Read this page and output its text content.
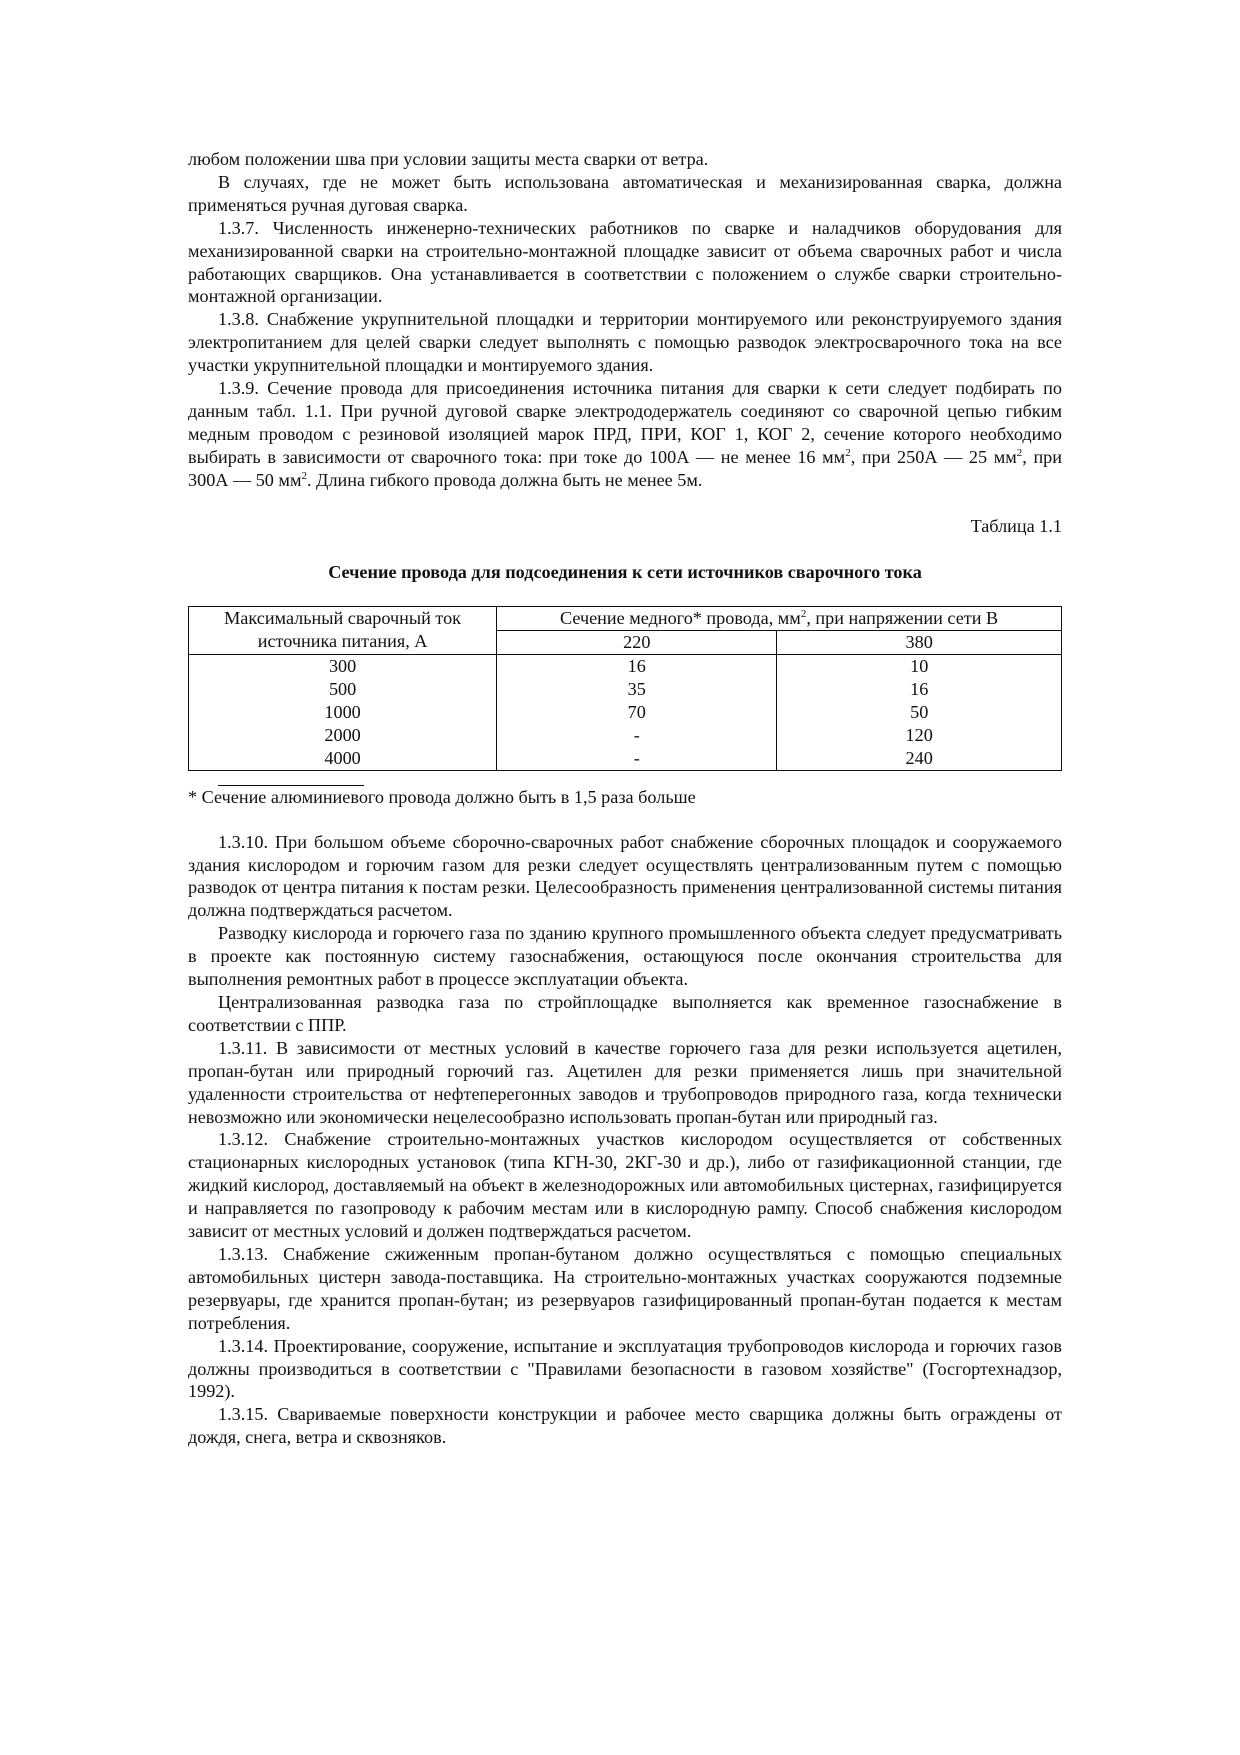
любом положении шва при условии защиты места сварки от ветра.

В случаях, где не может быть использована автоматическая и механизированная сварка, должна применяться ручная дуговая сварка.

1.3.7. Численность инженерно-технических работников по сварке и наладчиков оборудования для механизированной сварки на строительно-монтажной площадке зависит от объема сварочных работ и числа работающих сварщиков. Она устанавливается в соответствии с положением о службе сварки строительно-монтажной организации.

1.3.8. Снабжение укрупнительной площадки и территории монтируемого или реконструируемого здания электропитанием для целей сварки следует выполнять с помощью разводок электросварочного тока на все участки укрупнительной площадки и монтируемого здания.

1.3.9. Сечение провода для присоединения источника питания для сварки к сети следует подбирать по данным табл. 1.1. При ручной дуговой сварке электрододержатель соединяют со сварочной цепью гибким медным проводом с резиновой изоляцией марок ПРД, ПРИ, КОГ 1, КОГ 2, сечение которого необходимо выбирать в зависимости от сварочного тока: при токе до 100А — не менее 16 $мм^2$, при 250А — 25 $мм^2$, при 300А — 50 $мм^2$. Длина гибкого провода должна быть не менее 5м.

Таблица 1.1
Сечение провода для подсоединения к сети источников сварочного тока
Максимальный сварочный ток
источника питания, А	Сечение медного* провода, $мм^2$, при напряжении сети В	
	220	380
300	16	10
500	35	16
1000	70	50
2000	-	120
4000	-	240

* Сечение алюминиевого провода должно быть в 1,5 раза больше

1.3.10. При большом объеме сборочно-сварочных работ снабжение сборочных площадок и сооружаемого здания кислородом и горючим газом для резки следует осуществлять централизованным путем с помощью разводок от центра питания к постам резки. Целесообразность применения централизованной системы питания должна подтверждаться расчетом.

Разводку кислорода и горючего газа по зданию крупного промышленного объекта следует предусматривать в проекте как постоянную систему газоснабжения, остающуюся после окончания строительства для выполнения ремонтных работ в процессе эксплуатации объекта.

Централизованная разводка газа по стройплощадке выполняется как временное газоснабжение в соответствии с ППР.

1.3.11. В зависимости от местных условий в качестве горючего газа для резки используется ацетилен, пропан-бутан или природный горючий газ. Ацетилен для резки применяется лишь при значительной удаленности строительства от нефтеперегонных заводов и трубопроводов природного газа, когда технически невозможно или экономически нецелесообразно использовать пропан-бутан или природный газ.

1.3.12. Снабжение строительно-монтажных участков кислородом осуществляется от собственных стационарных кислородных установок (типа КГН-30, 2КГ-30 и др.), либо от газификационной станции, где жидкий кислород, доставляемый на объект в железнодорожных или автомобильных цистернах, газифицируется и направляется по газопроводу к рабочим местам или в кислородную рампу. Способ снабжения кислородом зависит от местных условий и должен подтверждаться расчетом.

1.3.13. Снабжение сжиженным пропан-бутаном должно осуществляться с помощью специальных автомобильных цистерн завода-поставщика. На строительно-монтажных участках сооружаются подземные резервуары, где хранится пропан-бутан; из резервуаров газифицированный пропан-бутан подается к местам потребления.

1.3.14. Проектирование, сооружение, испытание и эксплуатация трубопроводов кислорода и горючих газов должны производиться в соответствии с "Правилами безопасности в газовом хозяйстве" (Госгортехнадзор, 1992).

1.3.15. Свариваемые поверхности конструкции и рабочее место сварщика должны быть ограждены от дождя, снега, ветра и сквозняков.
